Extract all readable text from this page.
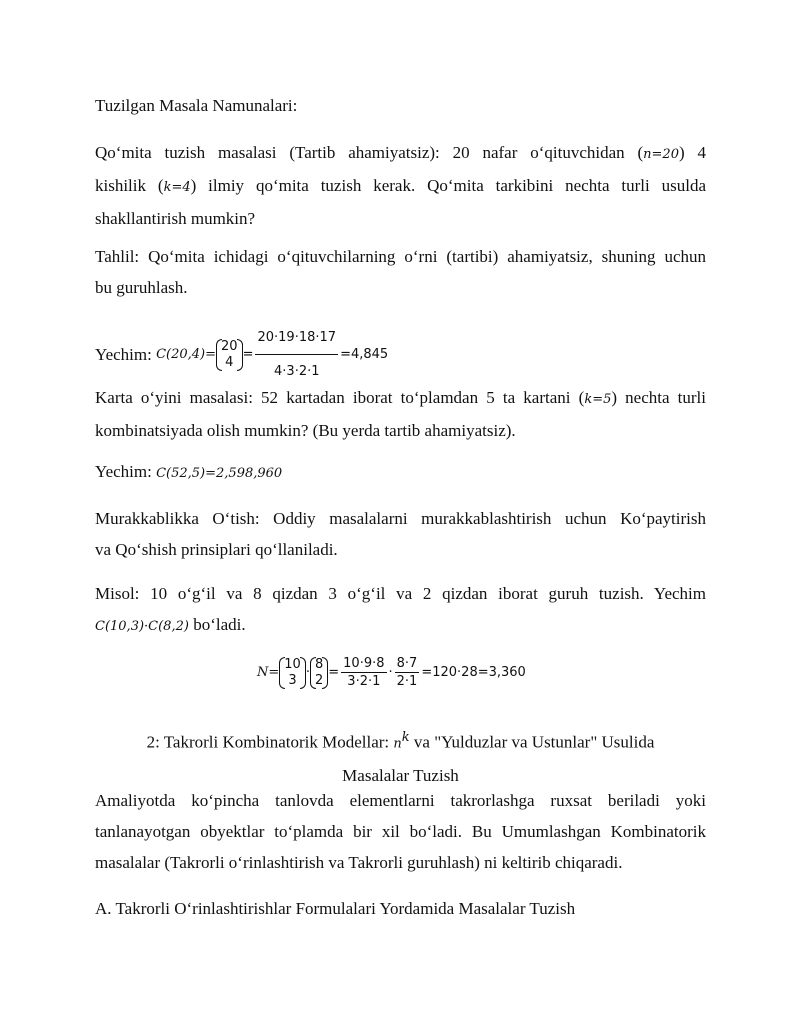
Tuzilgan Masala Namunalari:
Qo‘mita tuzish masalasi (Tartib ahamiyatsiz): 20 nafar o‘qituvchidan (n=20) 4
kishilik (k=4) ilmiy qo‘mita tuzish kerak. Qo‘mita tarkibini nechta turli usulda
shakllantirish mumkin?
Tahlil: Qo‘mita ichidagi o‘qituvchilarning o‘rni (tartibi) ahamiyatsiz, shuning uchun
bu guruhlash.
Yechim: C(20,4)=
20
$4 = \frac{20\cdot 19\cdot 18\cdot 17}{4\cdot 3\cdot 2\cdot 1} =4,845$
Karta o‘yini masalasi: 52 kartadan iborat to‘plamdan 5 ta kartani (k=5) nechta turli
kombinatsiyada olish mumkin? (Bu yerda tartib ahamiyatsiz).
Yechim: C(52,5)=2,598,960
Murakkablikka O‘tish: Oddiy masalalarni murakkablashtirish uchun Ko‘paytirish
va Qo‘shish prinsiplari qo‘llaniladi.
Misol: 10 o‘g‘il va 8 qizdan 3 o‘g‘il va 2 qizdan iborat guruh tuzish. Yechim
C(10,3)·C(8,2) bo‘ladi.
N=
10
3 ·
8
$2 = \frac{10\cdot 9\cdot 8}{3\cdot 2\cdot 1} \cdot \frac{8\cdot 7}{2\cdot 1} =120\cdot 28=3,360$
2: Takrorli Kombinatorik Modellar: $n^k$ va "Yulduzlar va Ustunlar" Usulida
Masalalar Tuzish
Amaliyotda ko‘pincha tanlovda elementlarni takrorlashga ruxsat beriladi yoki
tanlanayotgan obyektlar to‘plamda bir xil bo‘ladi. Bu Umumlashgan Kombinatorik
masalalar (Takrorli o‘rinlashtirish va Takrorli guruhlash) ni keltirib chiqaradi.
A. Takrorli O‘rinlashtirishlar Formulalari Yordamida Masalalar Tuzish
